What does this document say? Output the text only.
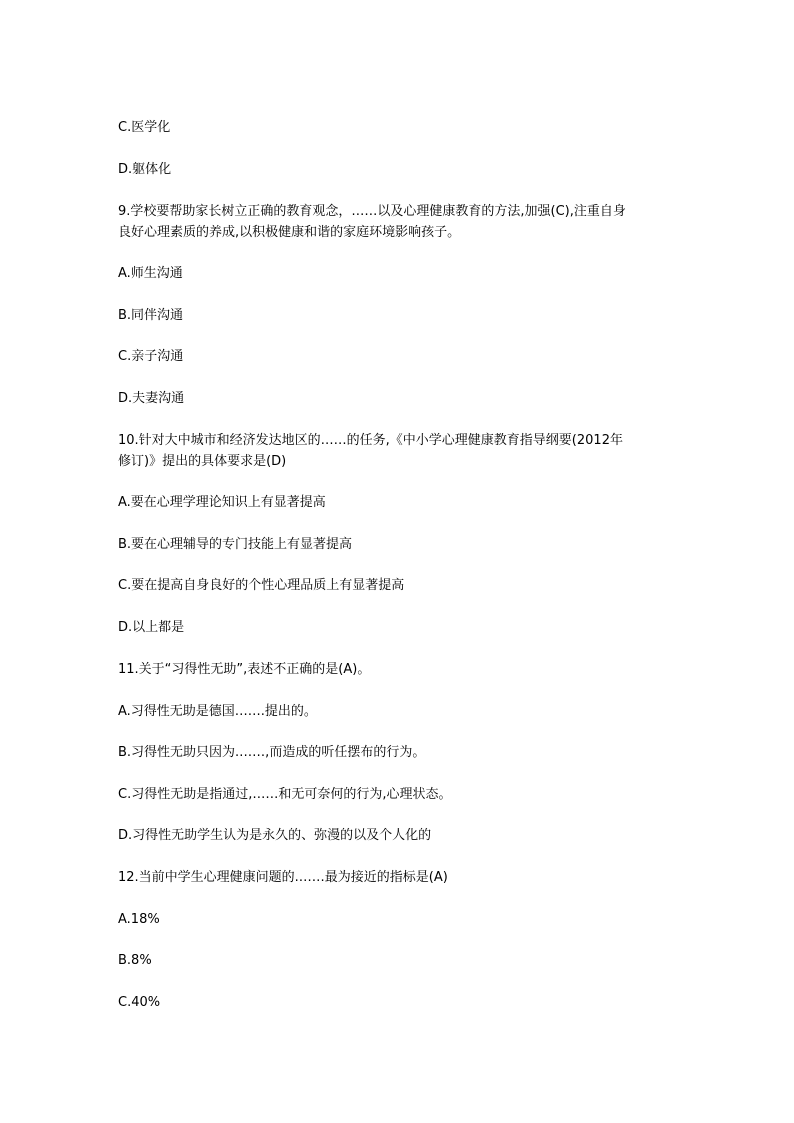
C.医学化
D.躯体化
9.学校要帮助家长树立正确的教育观念，……以及心理健康教育的方法,加强(C),注重自身
良好心理素质的养成,以积极健康和谐的家庭环境影响孩子。
A.师生沟通
B.同伴沟通
C.亲子沟通
D.夫妻沟通
10.针对大中城市和经济发达地区的……的任务,《中小学心理健康教育指导纲要(2012年
修订)》提出的具体要求是(D)
A.要在心理学理论知识上有显著提高
B.要在心理辅导的专门技能上有显著提高
C.要在提高自身良好的个性心理品质上有显著提高
D.以上都是
11.关于“习得性无助”,表述不正确的是(A)。
A.习得性无助是德国…….提出的。
B.习得性无助只因为.……,而造成的听任摆布的行为。
C.习得性无助是指通过,……和无可奈何的行为,心理状态。
D.习得性无助学生认为是永久的、弥漫的以及个人化的
12.当前中学生心理健康问题的.……最为接近的指标是(A)
A.18%
B.8%
C.40%
